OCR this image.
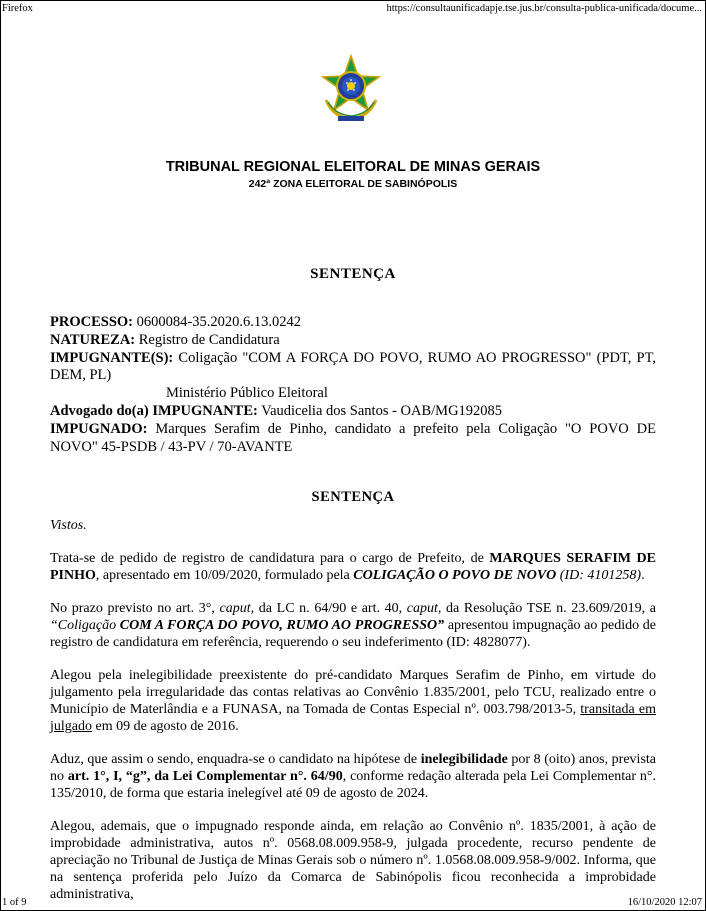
Firefox	https://consultaunificadapje.tse.jus.br/consulta-publica-unificada/docume...
TRIBUNAL REGIONAL ELEITORAL DE MINAS GERAIS
242ª ZONA ELEITORAL DE SABINÓPOLIS
SENTENÇA

PROCESSO: 0600084-35.2020.6.13.0242

NATUREZA: Registro de Candidatura

IMPUGNANTE(S): Coligação "COM A FORÇA DO POVO, RUMO AO PROGRESSO" (PDT, PT, DEM, PL)

Ministério Público Eleitoral

Advogado do(a) IMPUGNANTE: Vaudicelia dos Santos - OAB/MG192085

IMPUGNADO: Marques Serafim de Pinho, candidato a prefeito pela Coligação "O POVO DE NOVO" 45-PSDB / 43-PV / 70-AVANTE

SENTENÇA

Vistos.

Trata-se de pedido de registro de candidatura para o cargo de Prefeito, de MARQUES SERAFIM DE PINHO, apresentado em 10/09/2020, formulado pela COLIGAÇÃO O POVO DE NOVO (ID: 4101258).

No prazo previsto no art. 3°, caput, da LC n. 64/90 e art. 40, caput, da Resolução TSE n. 23.609/2019, a “Coligação COM A FORÇA DO POVO, RUMO AO PROGRESSO” apresentou impugnação ao pedido de registro de candidatura em referência, requerendo o seu indeferimento (ID: 4828077).

Alegou pela inelegibilidade preexistente do pré-candidato Marques Serafim de Pinho, em virtude do julgamento pela irregularidade das contas relativas ao Convênio 1.835/2001, pelo TCU, realizado entre o Município de Materlândia e a FUNASA, na Tomada de Contas Especial nº. 003.798/2013-5, transitada em julgado em 09 de agosto de 2016.

Aduz, que assim o sendo, enquadra-se o candidato na hipótese de inelegibilidade por 8 (oito) anos, prevista no art. 1°, I, “g”, da Lei Complementar n°. 64/90, conforme redação alterada pela Lei Complementar n°. 135/2010, de forma que estaria inelegível até 09 de agosto de 2024.

Alegou, ademais, que o impugnado responde ainda, em relação ao Convênio nº. 1835/2001, à ação de improbidade administrativa, autos nº. 0568.08.009.958-9, julgada procedente, recurso pendente de apreciação no Tribunal de Justiça de Minas Gerais sob o número nº. 1.0568.08.009.958-9/002. Informa, que na sentença proferida pelo Juízo da Comarca de Sabinópolis ficou reconhecida a improbidade administrativa,

1 of 9	16/10/2020 12:07
